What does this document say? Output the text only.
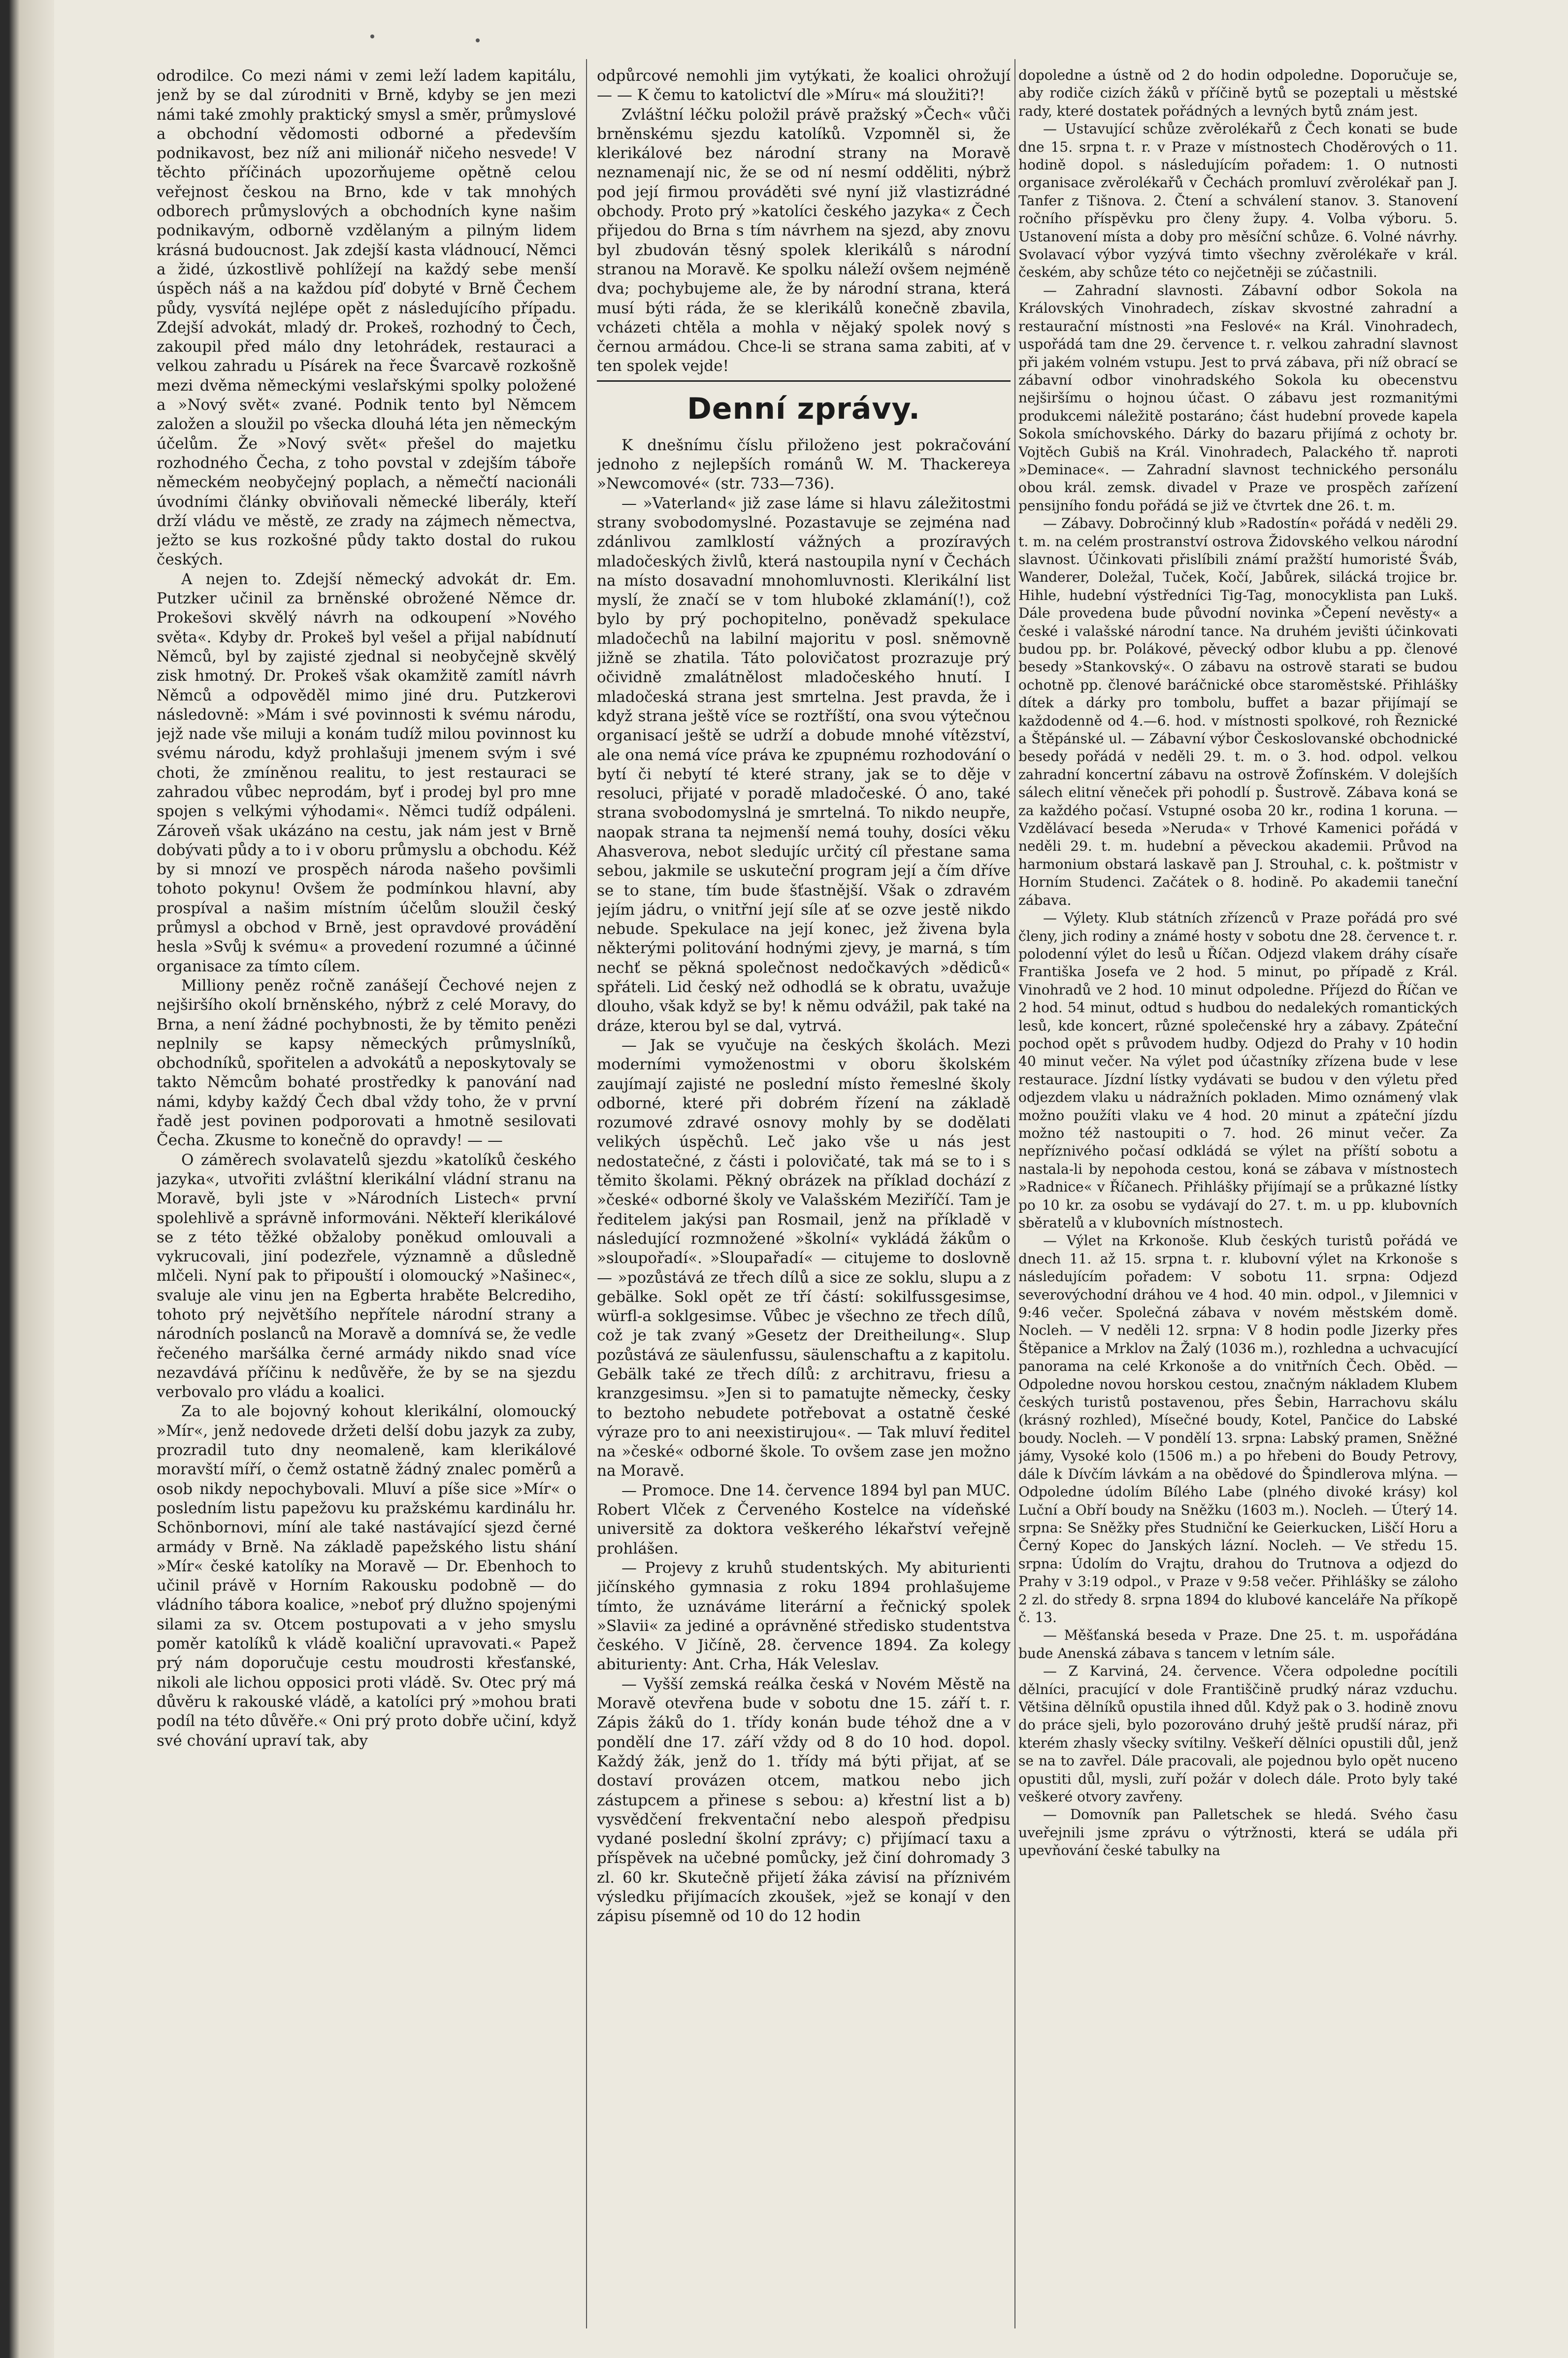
odrodilce. Co mezi námi v zemi leží ladem kapitálu, jenž by se dal zúrodniti v Brně, kdyby se jen mezi námi také zmohly praktický smysl a směr, průmyslové a obchodní vědomosti odborné a především podnikavost, bez níž ani milionář ničeho nesvede! V těchto příčinách upozorňujeme opětně celou veřejnost českou na Brno, kde v tak mnohých odborech průmyslových a obchodních kyne našim podnikavým, odborně vzdělaným a pilným lidem krásná budoucnost. Jak zdejší kasta vládnoucí, Němci a židé, úzkostlivě pohlížejí na každý sebe menší úspěch náš a na každou píď dobyté v Brně Čechem půdy, vysvítá nejlépe opět z následujícího případu. Zdejší advokát, mladý dr. Prokeš, rozhodný to Čech, zakoupil před málo dny letohrádek, restauraci a velkou zahradu u Písárek na řece Švarcavě rozkošně mezi dvěma německými veslařskými spolky položené a »Nový svět« zvané. Podnik tento byl Němcem založen a sloužil po všecka dlouhá léta jen německým účelům. Že »Nový svět« přešel do majetku rozhodného Čecha, z toho povstal v zdejším táboře německém neobyčejný poplach, a němečtí nacionáli úvodními články obviňovali německé liberály, kteří drží vládu ve městě, ze zrady na zájmech němectva, ježto se kus rozkošné půdy takto dostal do rukou českých.

A nejen to. Zdejší německý advokát dr. Em. Putzker učinil za brněnské obrožené Němce dr. Prokešovi skvělý návrh na odkoupení »Nového světa«. Kdyby dr. Prokeš byl vešel a přijal nabídnutí Němců, byl by zajisté zjednal si neobyčejně skvělý zisk hmotný. Dr. Prokeš však okamžitě zamítl návrh Němců a odpověděl mimo jiné dru. Putzkerovi následovně: »Mám i své povinnosti k svému národu, jejž nade vše miluji a konám tudíž milou povinnost ku svému národu, když prohlašuji jmenem svým i své choti, že zmíněnou realitu, to jest restauraci se zahradou vůbec neprodám, byť i prodej byl pro mne spojen s velkými výhodami«. Němci tudíž odpáleni. Zároveň však ukázáno na cestu, jak nám jest v Brně dobývati půdy a to i v oboru průmyslu a obchodu. Kéž by si mnozí ve prospěch národa našeho povšimli tohoto pokynu! Ovšem že podmínkou hlavní, aby prospíval a našim místním účelům sloužil český průmysl a obchod v Brně, jest opravdové provádění hesla »Svůj k svému« a provedení rozumné a účinné organisace za tímto cílem.

Milliony peněz ročně zanášejí Čechové nejen z nejširšího okolí brněnského, nýbrž z celé Moravy, do Brna, a není žádné pochybnosti, že by těmito penězi neplnily se kapsy německých průmyslníků, obchodníků, spořitelen a advokátů a neposkytovaly se takto Němcům bohaté prostředky k panování nad námi, kdyby každý Čech dbal vždy toho, že v první řadě jest povinen podporovati a hmotně sesilovati Čecha. Zkusme to konečně do opravdy! — —

O záměrech svolavatelů sjezdu »katolíků českého jazyka«, utvořiti zvláštní klerikální vládní stranu na Moravě, byli jste v »Národních Listech« první spolehlivě a správně informováni. Někteří klerikálové se z této těžké obžaloby poněkud omlouvali a vykrucovali, jiní podezřele, významně a důsledně mlčeli. Nyní pak to připouští i olomoucký »Našinec«, svaluje ale vinu jen na Egberta hraběte Belcrediho, tohoto prý největšího nepřítele národní strany a národních poslanců na Moravě a domnívá se, že vedle řečeného maršálka černé armády nikdo snad více nezavdává příčinu k nedůvěře, že by se na sjezdu verbovalo pro vládu a koalici.

Za to ale bojovný kohout klerikální, olomoucký »Mír«, jenž nedovede držeti delší dobu jazyk za zuby, prozradil tuto dny neomaleně, kam klerikálové moravští míří, o čemž ostatně žádný znalec poměrů a osob nikdy nepochybovali. Mluví a píše sice »Mír« o posledním listu papežovu ku pražskému kardinálu hr. Schönbornovi, míní ale také nastávající sjezd černé armády v Brně. Na základě papežského listu shání »Mír« české katolíky na Moravě — Dr. Ebenhoch to učinil právě v Horním Rakousku podobně — do vládního tábora koalice, »neboť prý dlužno spojenými silami za sv. Otcem postupovati a v jeho smyslu poměr katolíků k vládě koaliční upravovati.« Papež prý nám doporučuje cestu moudrosti křesťanské, nikoli ale lichou opposici proti vládě. Sv. Otec prý má důvěru k rakouské vládě, a katolíci prý »mohou brati podíl na této důvěře.« Oni prý proto dobře učiní, když své chování upraví tak, aby

odpůrcové nemohli jim vytýkati, že koalici ohrožují — — K čemu to katolictví dle »Míru« má sloužiti?!

Zvláštní léčku položil právě pražský »Čech« vůči brněnskému sjezdu katolíků. Vzpomněl si, že klerikálové bez národní strany na Moravě neznamenají nic, že se od ní nesmí odděliti, nýbrž pod její firmou prováděti své nyní již vlastizrádné obchody. Proto prý »katolíci českého jazyka« z Čech přijedou do Brna s tím návrhem na sjezd, aby znovu byl zbudován těsný spolek klerikálů s národní stranou na Moravě. Ke spolku náleží ovšem nejméně dva; pochybujeme ale, že by národní strana, která musí býti ráda, že se klerikálů konečně zbavila, vcházeti chtěla a mohla v nějaký spolek nový s černou armádou. Chce-li se strana sama zabiti, ať v ten spolek vejde!

Denní zprávy.

K dnešnímu číslu přiloženo jest pokračování jednoho z nejlepších románů W. M. Thackereya »Newcomové« (str. 733—736).

— »Vaterland« již zase láme si hlavu záležitostmi strany svobodomyslné. Pozastavuje se zejména nad zdánlivou zamlklostí vážných a prozíravých mladočeských živlů, která nastoupila nyní v Čechách na místo dosavadní mnohomluvnosti. Klerikální list myslí, že značí se v tom hluboké zklamání(!), což bylo by prý pochopitelno, poněvadž spekulace mladočechů na labilní majoritu v posl. sněmovně jižně se zhatila. Táto polovičatost prozrazuje prý očividně zmalátnělost mladočeského hnutí. I mladočeská strana jest smrtelna. Jest pravda, že i když strana ještě více se roztříští, ona svou výtečnou organisací ještě se udrží a dobude mnohé vítězství, ale ona nemá více práva ke zpupnému rozhodování o bytí či nebytí té které strany, jak se to děje v resoluci, přijaté v poradě mladočeské. Ó ano, také strana svobodomyslná je smrtelná. To nikdo neupře, naopak strana ta nejmenší nemá touhy, dosíci věku Ahasverova, nebot sledujíc určitý cíl přestane sama sebou, jakmile se uskuteční program její a čím dříve se to stane, tím bude šťastnější. Však o zdravém jejím jádru, o vnitřní její síle ať se ozve jestě nikdo nebude. Spekulace na její konec, jež živena byla některými politování hodnými zjevy, je marná, s tím nechť se pěkná společnost nedočkavých »dědiců« spřáteli. Lid český než odhodlá se k obratu, uvažuje dlouho, však když se by! k němu odvážil, pak také na dráze, kterou byl se dal, vytrvá.

— Jak se vyučuje na českých školách. Mezi moderními vymoženostmi v oboru školském zaujímají zajisté ne poslední místo řemeslné školy odborné, které při dobrém řízení na základě rozumové zdravé osnovy mohly by se dodělati velikých úspěchů. Leč jako vše u nás jest nedostatečné, z části i polovičaté, tak má se to i s těmito školami. Pěkný obrázek na příklad dochází z »české« odborné školy ve Valašském Meziříčí. Tam je ředitelem jakýsi pan Rosmail, jenž na příkladě v následující rozmnožené »školní« vykládá žákům o »sloupořadí«. »Sloupařadí« — citujeme to doslovně — »pozůstává ze třech dílů a sice ze soklu, slupu a z gebälke. Sokl opět ze tří částí: sokilfussgesimse, würfl-a soklgesimse. Vůbec je všechno ze třech dílů, což je tak zvaný »Gesetz der Dreitheilung«. Slup pozůstává ze säulenfussu, säulenschaftu a z kapitolu. Gebälk také ze třech dílů: z architravu, friesu a kranzgesimsu. »Jen si to pamatujte německy, česky to beztoho nebudete potřebovat a ostatně české výraze pro to ani neexistirujou«. — Tak mluví ředitel na »české« odborné škole. To ovšem zase jen možno na Moravě.

— Promoce. Dne 14. července 1894 byl pan MUC. Robert Vlček z Červeného Kostelce na vídeňské universitě za doktora veškerého lékařství veřejně prohlášen.

— Projevy z kruhů studentských. My abiturienti jičínského gymnasia z roku 1894 prohlašujeme tímto, že uznáváme literární a řečnický spolek »Slavii« za jediné a oprávněné středisko studentstva českého. V Jičíně, 28. července 1894. Za kolegy abiturienty: Ant. Crha, Hák Veleslav.

— Vyšší zemská reálka česká v Novém Městě na Moravě otevřena bude v sobotu dne 15. září t. r. Zápis žáků do 1. třídy konán bude téhož dne a v pondělí dne 17. září vždy od 8 do 10 hod. dopol. Každý žák, jenž do 1. třídy má býti přijat, ať se dostaví provázen otcem, matkou nebo jich zástupcem a přinese s sebou: a) křestní list a b) vysvědčení frekventační nebo alespoň předpisu vydané poslední školní zprávy; c) přijímací taxu a příspěvek na učebné pomůcky, jež činí dohromady 3 zl. 60 kr. Skutečně přijetí žáka závisí na příznivém výsledku přijímacích zkoušek, »jež se konají v den zápisu písemně od 10 do 12 hodin

dopoledne a ústně od 2 do hodin odpoledne. Doporučuje se, aby rodiče cizích žáků v příčině bytů se pozeptali u městské rady, které dostatek pořádných a levných bytů znám jest.

— Ustavující schůze zvěrolékařů z Čech konati se bude dne 15. srpna t. r. v Praze v místnostech Choděrových o 11. hodině dopol. s následujícím pořadem: 1. O nutnosti organisace zvěrolékařů v Čechách promluví zvěrolékař pan J. Tanfer z Tišnova. 2. Čtení a schválení stanov. 3. Stanovení ročního příspěvku pro členy župy. 4. Volba výboru. 5. Ustanovení místa a doby pro měsíční schůze. 6. Volné návrhy. Svolavací výbor vyzývá timto všechny zvěrolékaře v král. českém, aby schůze této co nejčetněji se zúčastnili.

— Zahradní slavnosti. Zábavní odbor Sokola na Královských Vinohradech, získav skvostné zahradní a restaurační místnosti »na Feslové« na Král. Vinohradech, uspořádá tam dne 29. července t. r. velkou zahradní slavnost při jakém volném vstupu. Jest to prvá zábava, při níž obrací se zábavní odbor vinohradského Sokola ku obecenstvu nejširšímu o hojnou účast. O zábavu jest rozmanitými produkcemi náležitě postaráno; část hudební provede kapela Sokola smíchovského. Dárky do bazaru přijímá z ochoty br. Vojtěch Gubiš na Král. Vinohradech, Palackého tř. naproti »Deminace«. — Zahradní slavnost technického personálu obou král. zemsk. divadel v Praze ve prospěch zařízení pensijního fondu pořádá se již ve čtvrtek dne 26. t. m.

— Zábavy. Dobročinný klub »Radostín« pořádá v neděli 29. t. m. na celém prostranství ostrova Židovského velkou národní slavnost. Účinkovati přislíbili známí pražští humoristé Šváb, Wanderer, Doležal, Tuček, Kočí, Jabůrek, silácká trojice br. Hihle, hudební výstředníci Tig-Tag, monocyklista pan Lukš. Dále provedena bude původní novinka »Čepení nevěsty« a české i valašské národní tance. Na druhém jevišti účinkovati budou pp. br. Polákové, pěvecký odbor klubu a pp. členové besedy »Stankovský«. O zábavu na ostrově starati se budou ochotně pp. členové baráčnické obce staroměstské. Přihlášky dítek a dárky pro tombolu, buffet a bazar přijímají se každodenně od 4.—6. hod. v místnosti spolkové, roh Řeznické a Štěpánské ul. — Zábavní výbor Českoslovanské obchodnické besedy pořádá v neděli 29. t. m. o 3. hod. odpol. velkou zahradní koncertní zábavu na ostrově Žofínském. V dolejších sálech elitní věneček při pohodlí p. Šustrově. Zábava koná se za každého počasí. Vstupné osoba 20 kr., rodina 1 koruna. — Vzdělávací beseda »Neruda« v Trhové Kamenici pořádá v neděli 29. t. m. hudební a pěveckou akademii. Průvod na harmonium obstará laskavě pan J. Strouhal, c. k. poštmistr v Horním Studenci. Začátek o 8. hodině. Po akademii taneční zábava.

— Výlety. Klub státních zřízenců v Praze pořádá pro své členy, jich rodiny a známé hosty v sobotu dne 28. července t. r. polodenní výlet do lesů u Říčan. Odjezd vlakem dráhy císaře Františka Josefa ve 2 hod. 5 minut, po případě z Král. Vinohradů ve 2 hod. 10 minut odpoledne. Příjezd do Říčan ve 2 hod. 54 minut, odtud s hudbou do nedalekých romantických lesů, kde koncert, různé společenské hry a zábavy. Zpáteční pochod opět s průvodem hudby. Odjezd do Prahy v 10 hodin 40 minut večer. Na výlet pod účastníky zřízena bude v lese restaurace. Jízdní lístky vydávati se budou v den výletu před odjezdem vlaku u nádražních pokladen. Mimo oznámený vlak možno použíti vlaku ve 4 hod. 20 minut a zpáteční jízdu možno též nastoupiti o 7. hod. 26 minut večer. Za nepříznivého počasí odkládá se výlet na příští sobotu a nastala-li by nepohoda cestou, koná se zábava v místnostech »Radnice« v Říčanech. Přihlášky přijímají se a průkazné lístky po 10 kr. za osobu se vydávají do 27. t. m. u pp. klubovních sběratelů a v klubovních místnostech.

— Výlet na Krkonoše. Klub českých turistů pořádá ve dnech 11. až 15. srpna t. r. klubovní výlet na Krkonoše s následujícím pořadem: V sobotu 11. srpna: Odjezd severovýchodní dráhou ve 4 hod. 40 min. odpol., v Jilemnici v 9:46 večer. Společná zábava v novém městském domě. Nocleh. — V neděli 12. srpna: V 8 hodin podle Jizerky přes Štěpanice a Mrklov na Žalý (1036 m.), rozhledna a uchvacující panorama na celé Krkonoše a do vnitřních Čech. Oběd. — Odpoledne novou horskou cestou, značným nákladem Klubem českých turistů postavenou, přes Šebin, Harrachovu skálu (krásný rozhled), Mísečné boudy, Kotel, Pančice do Labské boudy. Nocleh. — V pondělí 13. srpna: Labský pramen, Sněžné jámy, Vysoké kolo (1506 m.) a po hřebeni do Boudy Petrovy, dále k Dívčím lávkám a na obědové do Špindlerova mlýna. — Odpoledne údolím Bílého Labe (plného divoké krásy) kol Luční a Obří boudy na Sněžku (1603 m.). Nocleh. — Úterý 14. srpna: Se Sněžky přes Studniční ke Geierkucken, Liščí Horu a Černý Kopec do Janských lázní. Nocleh. — Ve středu 15. srpna: Údolím do Vrajtu, drahou do Trutnova a odjezd do Prahy v 3:19 odpol., v Praze v 9:58 večer. Přihlášky se záloho 2 zl. do středy 8. srpna 1894 do klubové kanceláře Na příkopě č. 13.

— Měšťanská beseda v Praze. Dne 25. t. m. uspořádána bude Anenská zábava s tancem v letním sále.

— Z Karviná, 24. července. Včera odpoledne pocítili dělníci, pracující v dole Františčině prudký náraz vzduchu. Většina dělníků opustila ihned důl. Když pak o 3. hodině znovu do práce sjeli, bylo pozorováno druhý ještě prudší náraz, při kterém zhasly všecky svítilny. Veškeří dělníci opustili důl, jenž se na to zavřel. Dále pracovali, ale pojednou bylo opět nuceno opustiti důl, mysli, zuří požár v dolech dále. Proto byly také veškeré otvory zavřeny.

— Domovník pan Palletschek se hledá. Svého času uveřejnili jsme zprávu o výtržnosti, která se udála při upevňování české tabulky na
